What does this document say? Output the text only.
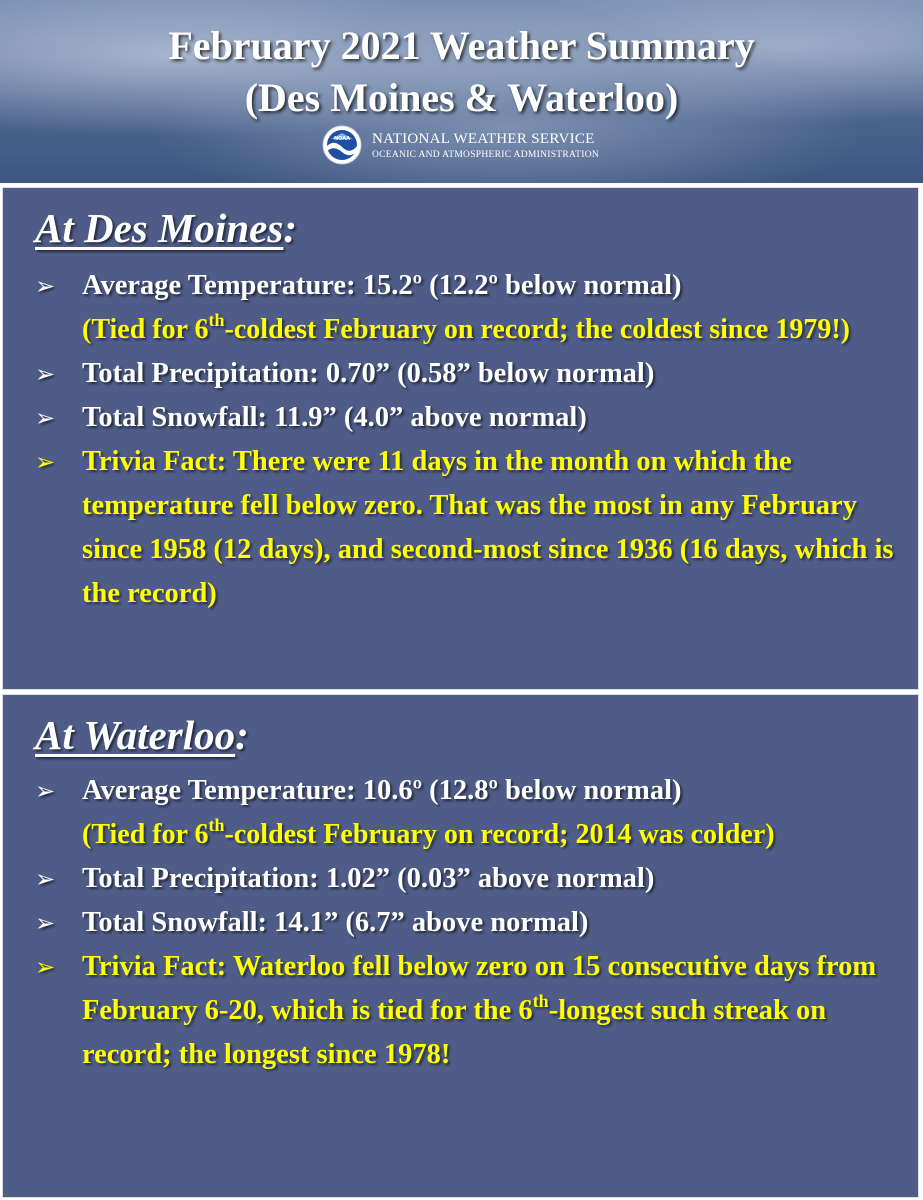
February 2021 Weather Summary
(Des Moines & Waterloo)
NOAA NATIONAL WEATHER SERVICE
OCEANIC AND ATMOSPHERIC ADMINISTRATION
At Des Moines:
➢ Average Temperature: 15.2º (12.2º below normal)
(Tied for 6th-coldest February on record; the coldest since 1979!)
➢ Total Precipitation: 0.70” (0.58” below normal)
➢ Total Snowfall: 11.9” (4.0” above normal)
➢ Trivia Fact: There were 11 days in the month on which the temperature fell below zero. That was the most in any February since 1958 (12 days), and second-most since 1936 (16 days, which is the record)
At Waterloo:
➢ Average Temperature: 10.6º (12.8º below normal)
(Tied for 6th-coldest February on record; 2014 was colder)
➢ Total Precipitation: 1.02” (0.03” above normal)
➢ Total Snowfall: 14.1” (6.7” above normal)
➢ Trivia Fact: Waterloo fell below zero on 15 consecutive days from February 6-20, which is tied for the 6th-longest such streak on record; the longest since 1978!
